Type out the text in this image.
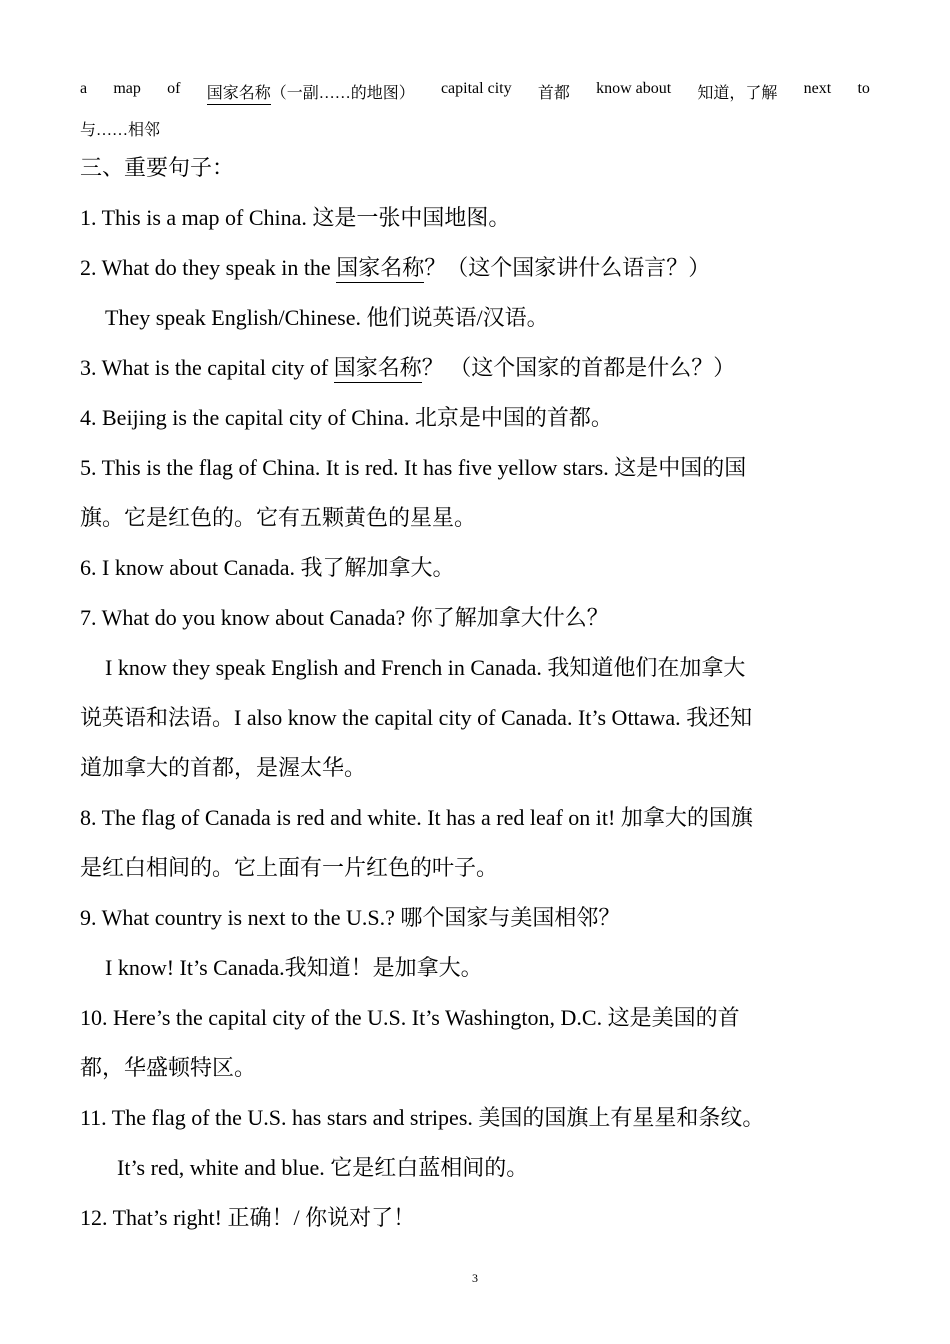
a map of 国家名称（一副……的地图） capital city 首都 know about 知道，了解 next to
与……相邻
三、重要句子：
1. This is a map of China. 这是一张中国地图。
2. What do they speak in the 国家名称？（这个国家讲什么语言？）
They speak English/Chinese. 他们说英语/汉语。
3. What is the capital city of 国家名称？ （这个国家的首都是什么？）
4. Beijing is the capital city of China. 北京是中国的首都。
5. This is the flag of China. It is red. It has five yellow stars. 这是中国的国
旗。它是红色的。它有五颗黄色的星星。
6. I know about Canada. 我了解加拿大。
7. What do you know about Canada? 你了解加拿大什么？
I know they speak English and French in Canada. 我知道他们在加拿大
说英语和法语。I also know the capital city of Canada. It’s Ottawa. 我还知
道加拿大的首都，是渥太华。
8. The flag of Canada is red and white. It has a red leaf on it! 加拿大的国旗
是红白相间的。它上面有一片红色的叶子。
9. What country is next to the U.S.? 哪个国家与美国相邻？
I know! It’s Canada.我知道！是加拿大。
10. Here’s the capital city of the U.S. It’s Washington, D.C. 这是美国的首
都，华盛顿特区。
11. The flag of the U.S. has stars and stripes. 美国的国旗上有星星和条纹。
It’s red, white and blue. 它是红白蓝相间的。
12. That’s right! 正确！/ 你说对了！
3
